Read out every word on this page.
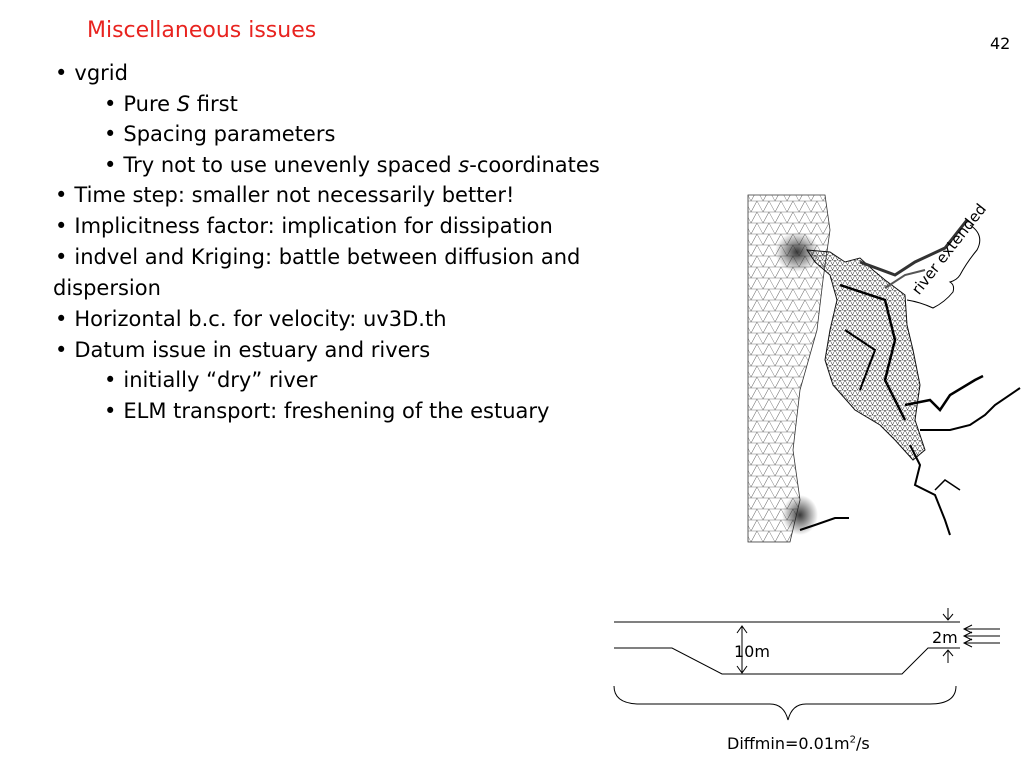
Miscellaneous issues
42
• vgrid
• Pure S first
• Spacing parameters
• Try not to use unevenly spaced s-coordinates
• Time step: smaller not necessarily better!
• Implicitness factor: implication for dissipation
• indvel and Kriging: battle between diffusion and
dispersion
• Horizontal b.c. for velocity: uv3D.th
• Datum issue in estuary and rivers
• initially “dry” river
• ELM transport: freshening of the estuary
river extended
10m
2m
$Diffmin=0.01m^2/s$
